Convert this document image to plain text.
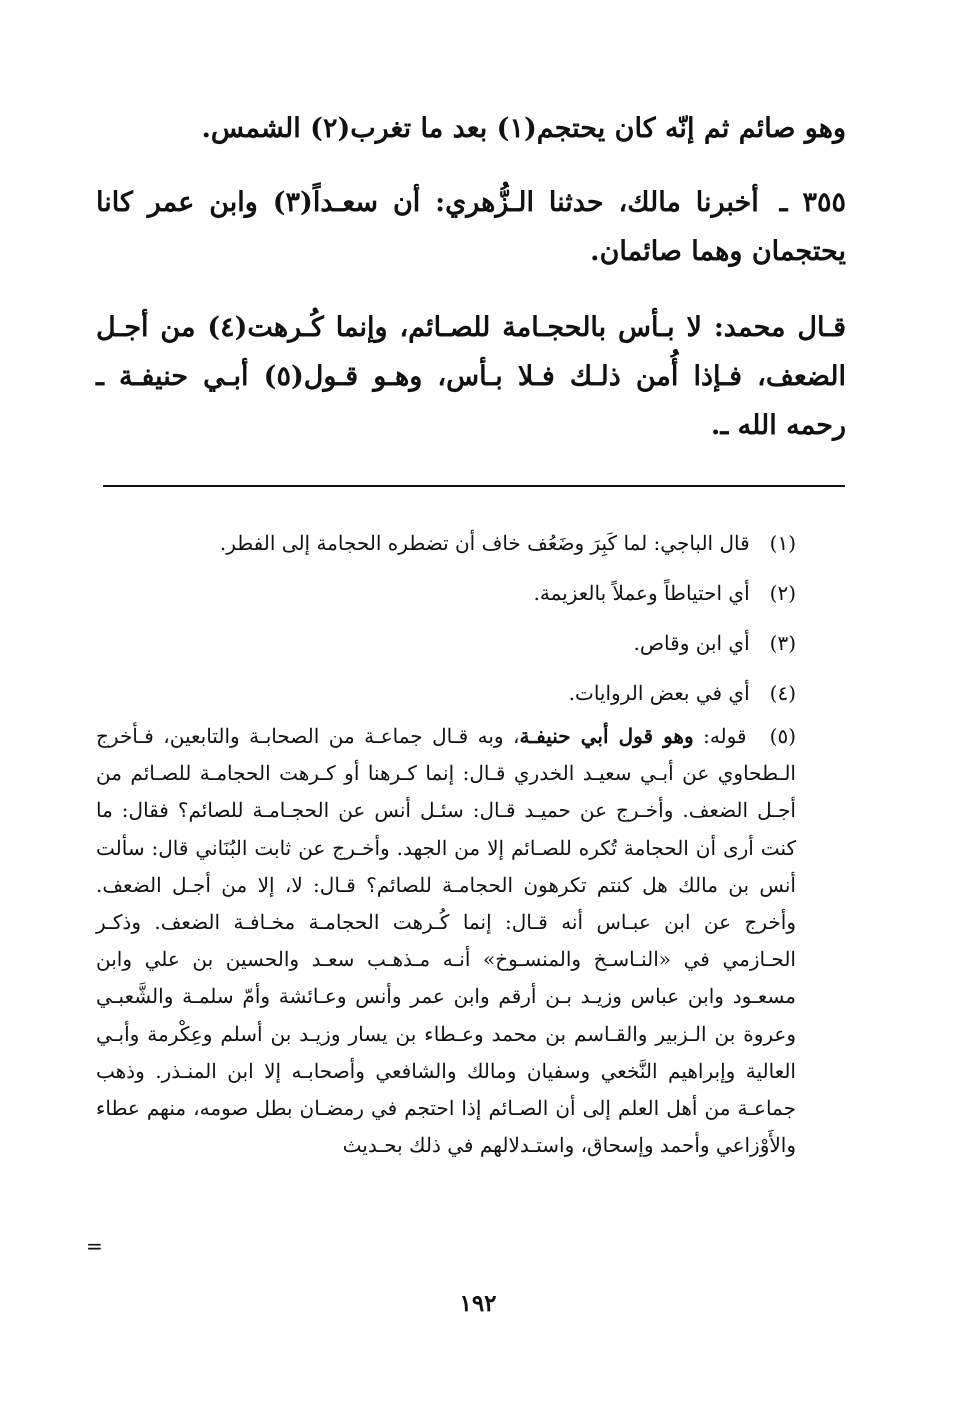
وهو صائم ثم إنّه كان يحتجم(١) بعد ما تغرب(٢) الشمس.

٣٥٥ ـ أخبرنا مالك، حدثنا الـزُّهري: أن سعـداً(٣) وابن عمر كانا يحتجمان وهما صائمان.

قـال محمد: لا بـأس بالحجـامة للصـائم، وإنما كُـرهت(٤) من أجـل الضعف، فـإذا أُمن ذلـك فـلا بـأس، وهـو قـول(٥) أبـي حنيفـة ـ رحمه الله ـ.

(١) قال الباجي: لما كَبِرَ وضَعُف خاف أن تضطره الحجامة إلى الفطر.

(٢) أي احتياطاً وعملاً بالعزيمة.

(٣) أي ابن وقاص.

(٤) أي في بعض الروايات.

(٥) قوله: وهو قول أبي حنيفـة، وبه قـال جماعـة من الصحابـة والتابعين، فـأخرج الـطحاوي عن أبـي سعيـد الخدري قـال: إنما كـرهنا أو كـرهت الحجامـة للصـائم من أجـل الضعف. وأخـرج عن حميـد قـال: سئـل أنس عن الحجـامـة للصائم؟ فقال: ما كنت أرى أن الحجامة تُكره للصـائم إلا من الجهد. وأخـرج عن ثابت البُنَاني قال: سألت أنس بن مالك هل كنتم تكرهون الحجامـة للصائم؟ قـال: لا، إلا من أجـل الضعف. وأخرج عن ابن عبـاس أنه قـال: إنما كُـرهت الحجامـة مخـافـة الضعف. وذكـر الحـازمي في «النـاسـخ والمنسـوخ» أنـه مـذهـب سعـد والحسين بن علي وابن مسعـود وابن عباس وزيـد بـن أرقم وابن عمر وأنس وعـائشة وأمّ سلمـة والشَّعبـي وعروة بن الـزبير والقـاسم بن محمد وعـطاء بن يسار وزيـد بن أسلم وعِكْرمة وأبـي العالية وإبراهيم النَّخعي وسفيان ومالك والشافعي وأصحابـه إلا ابن المنـذر. وذهب جماعـة من أهل العلم إلى أن الصـائم إذا احتجم في رمضـان بطل صومه، منهم عطاء والأَوْزاعي وأحمد وإسحاق، واستـدلالهم في ذلك بحـديث

=
١٩٢
